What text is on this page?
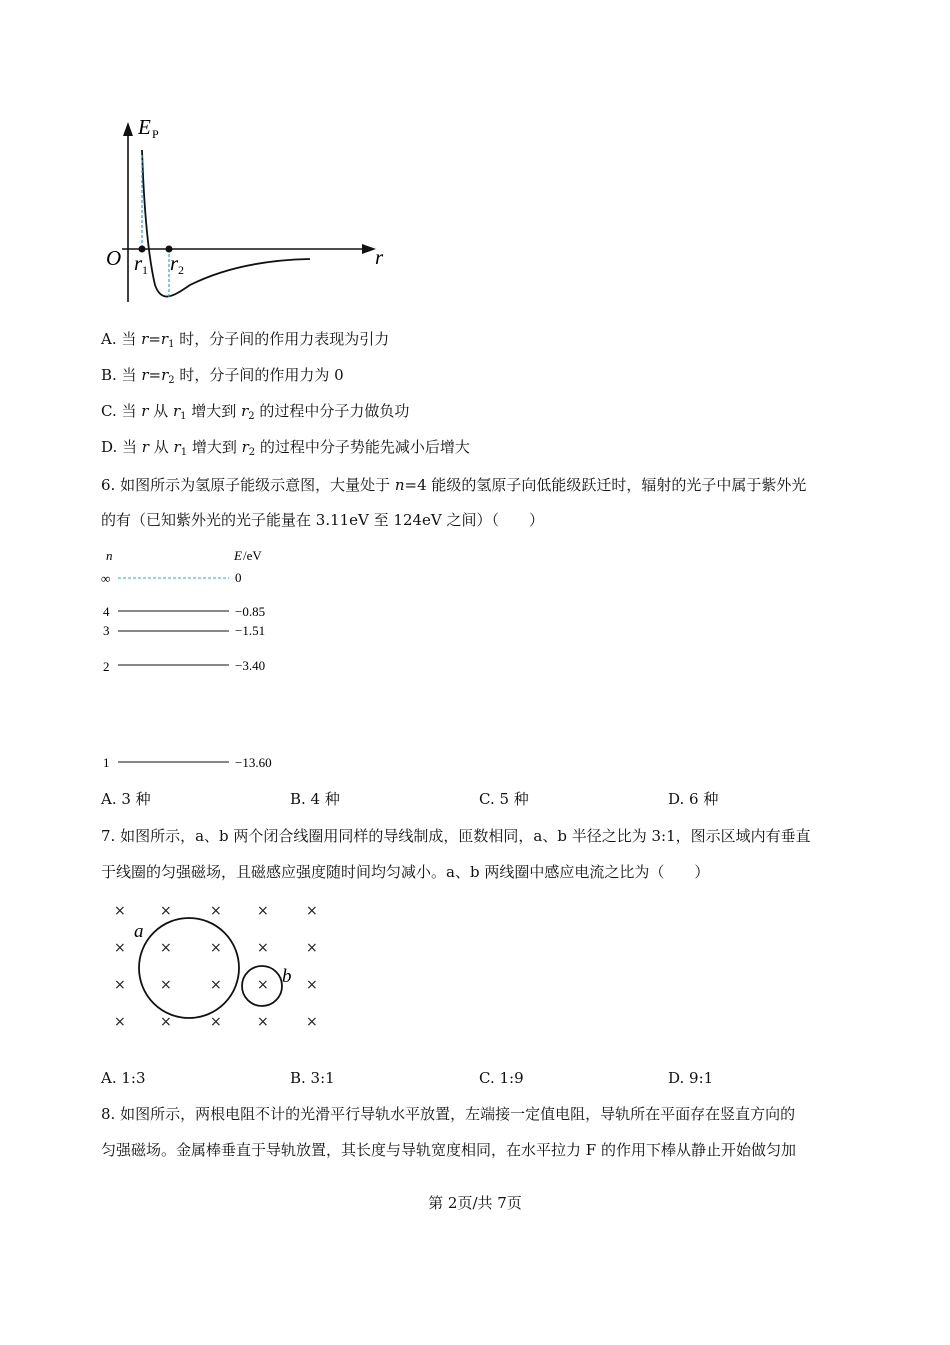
E P
O r 1 r 2
r
A. 当 $r=r_1$ 时，分子间的作用力表现为引力
B. 当 $r=r_2$ 时，分子间的作用力为 0
C. 当 r 从 $r_1$ 增大到 $r_2$ 的过程中分子力做负功
D. 当 r 从 $r_1$ 增大到 $r_2$ 的过程中分子势能先减小后增大
6. 如图所示为氢原子能级示意图，大量处于 n=4 能级的氢原子向低能级跃迁时，辐射的光子中属于紫外光
的有（已知紫外光的光子能量在 3.11eV 至 124eV 之间）（　　）
n	E /eV
∞	0
4	−0.85
3	−1.51
2	−3.40
1	−13.60
A. 3 种	B. 4 种	C. 5 种	D. 6 种
7. 如图所示，a、b 两个闭合线圈用同样的导线制成，匝数相同，a、b 半径之比为 3:1，图示区域内有垂直
于线圈的匀强磁场，且磁感应强度随时间均匀减小。a、b 两线圈中感应电流之比为（　　）
× ×	×	×	×
× ×	×	×	×
× ×	×	×	×
× ×	×	×	×
a
b
A. 1:3	B. 3:1	C. 1:9	D. 9:1
8. 如图所示，两根电阻不计的光滑平行导轨水平放置，左端接一定值电阻，导轨所在平面存在竖直方向的
匀强磁场。金属棒垂直于导轨放置，其长度与导轨宽度相同，在水平拉力 F 的作用下棒从静止开始做匀加
第 2页/共 7页
